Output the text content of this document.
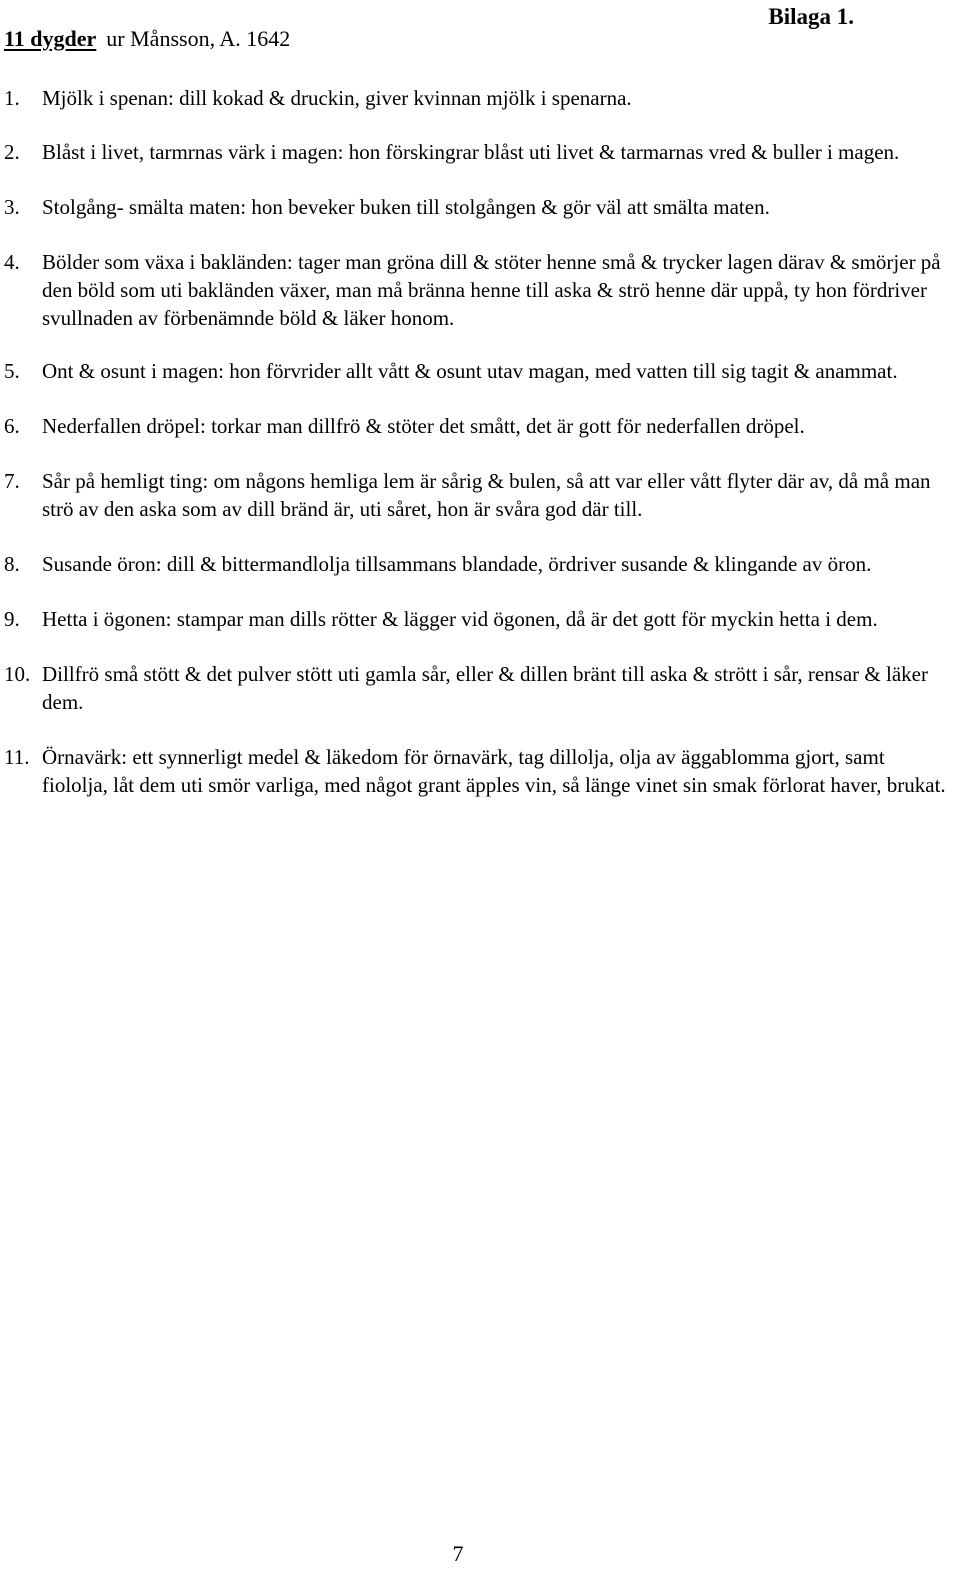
11 dygder ur Månsson, A. 1642
Bilaga 1.
1.	Mjölk i spenan: dill kokad & druckin, giver kvinnan mjölk i spenarna.
2.	Blåst i livet, tarmrnas värk i magen: hon förskingrar blåst uti livet & tarmarnas vred & buller i magen.
3.	Stolgång- smälta maten: hon beveker buken till stolgången & gör väl att smälta maten.
4.	Bölder som växa i bakländen: tager man gröna dill & stöter henne små & trycker lagen därav & smörjer på den böld som uti bakländen växer, man må bränna henne till aska & strö henne där uppå, ty hon fördriver svullnaden av förbenämnde böld & läker honom.
5.	Ont & osunt i magen: hon förvrider allt vått & osunt utav magan, med vatten till sig tagit & anammat.
6.	Nederfallen dröpel: torkar man dillfrö & stöter det smått, det är gott för nederfallen dröpel.
7.	Sår på hemligt ting: om någons hemliga lem är sårig & bulen, så att var eller vått flyter där av, då må man strö av den aska som av dill bränd är, uti såret, hon är svåra god där till.
8.	Susande öron: dill & bittermandlolja tillsammans blandade, ördriver susande & klingande av öron.
9.	Hetta i ögonen: stampar man dills rötter & lägger vid ögonen, då är det gott för myckin hetta i dem.
10. Dillfrö små stött & det pulver stött uti gamla sår, eller & dillen bränt till aska & strött i sår, rensar & läker dem.
11. Örnavärk: ett synnerligt medel & läkedom för örnavärk, tag dillolja, olja av äggablomma gjort, samt fiololja, låt dem uti smör varliga, med något grant äpples vin, så länge vinet sin smak förlorat haver, brukat.
7
